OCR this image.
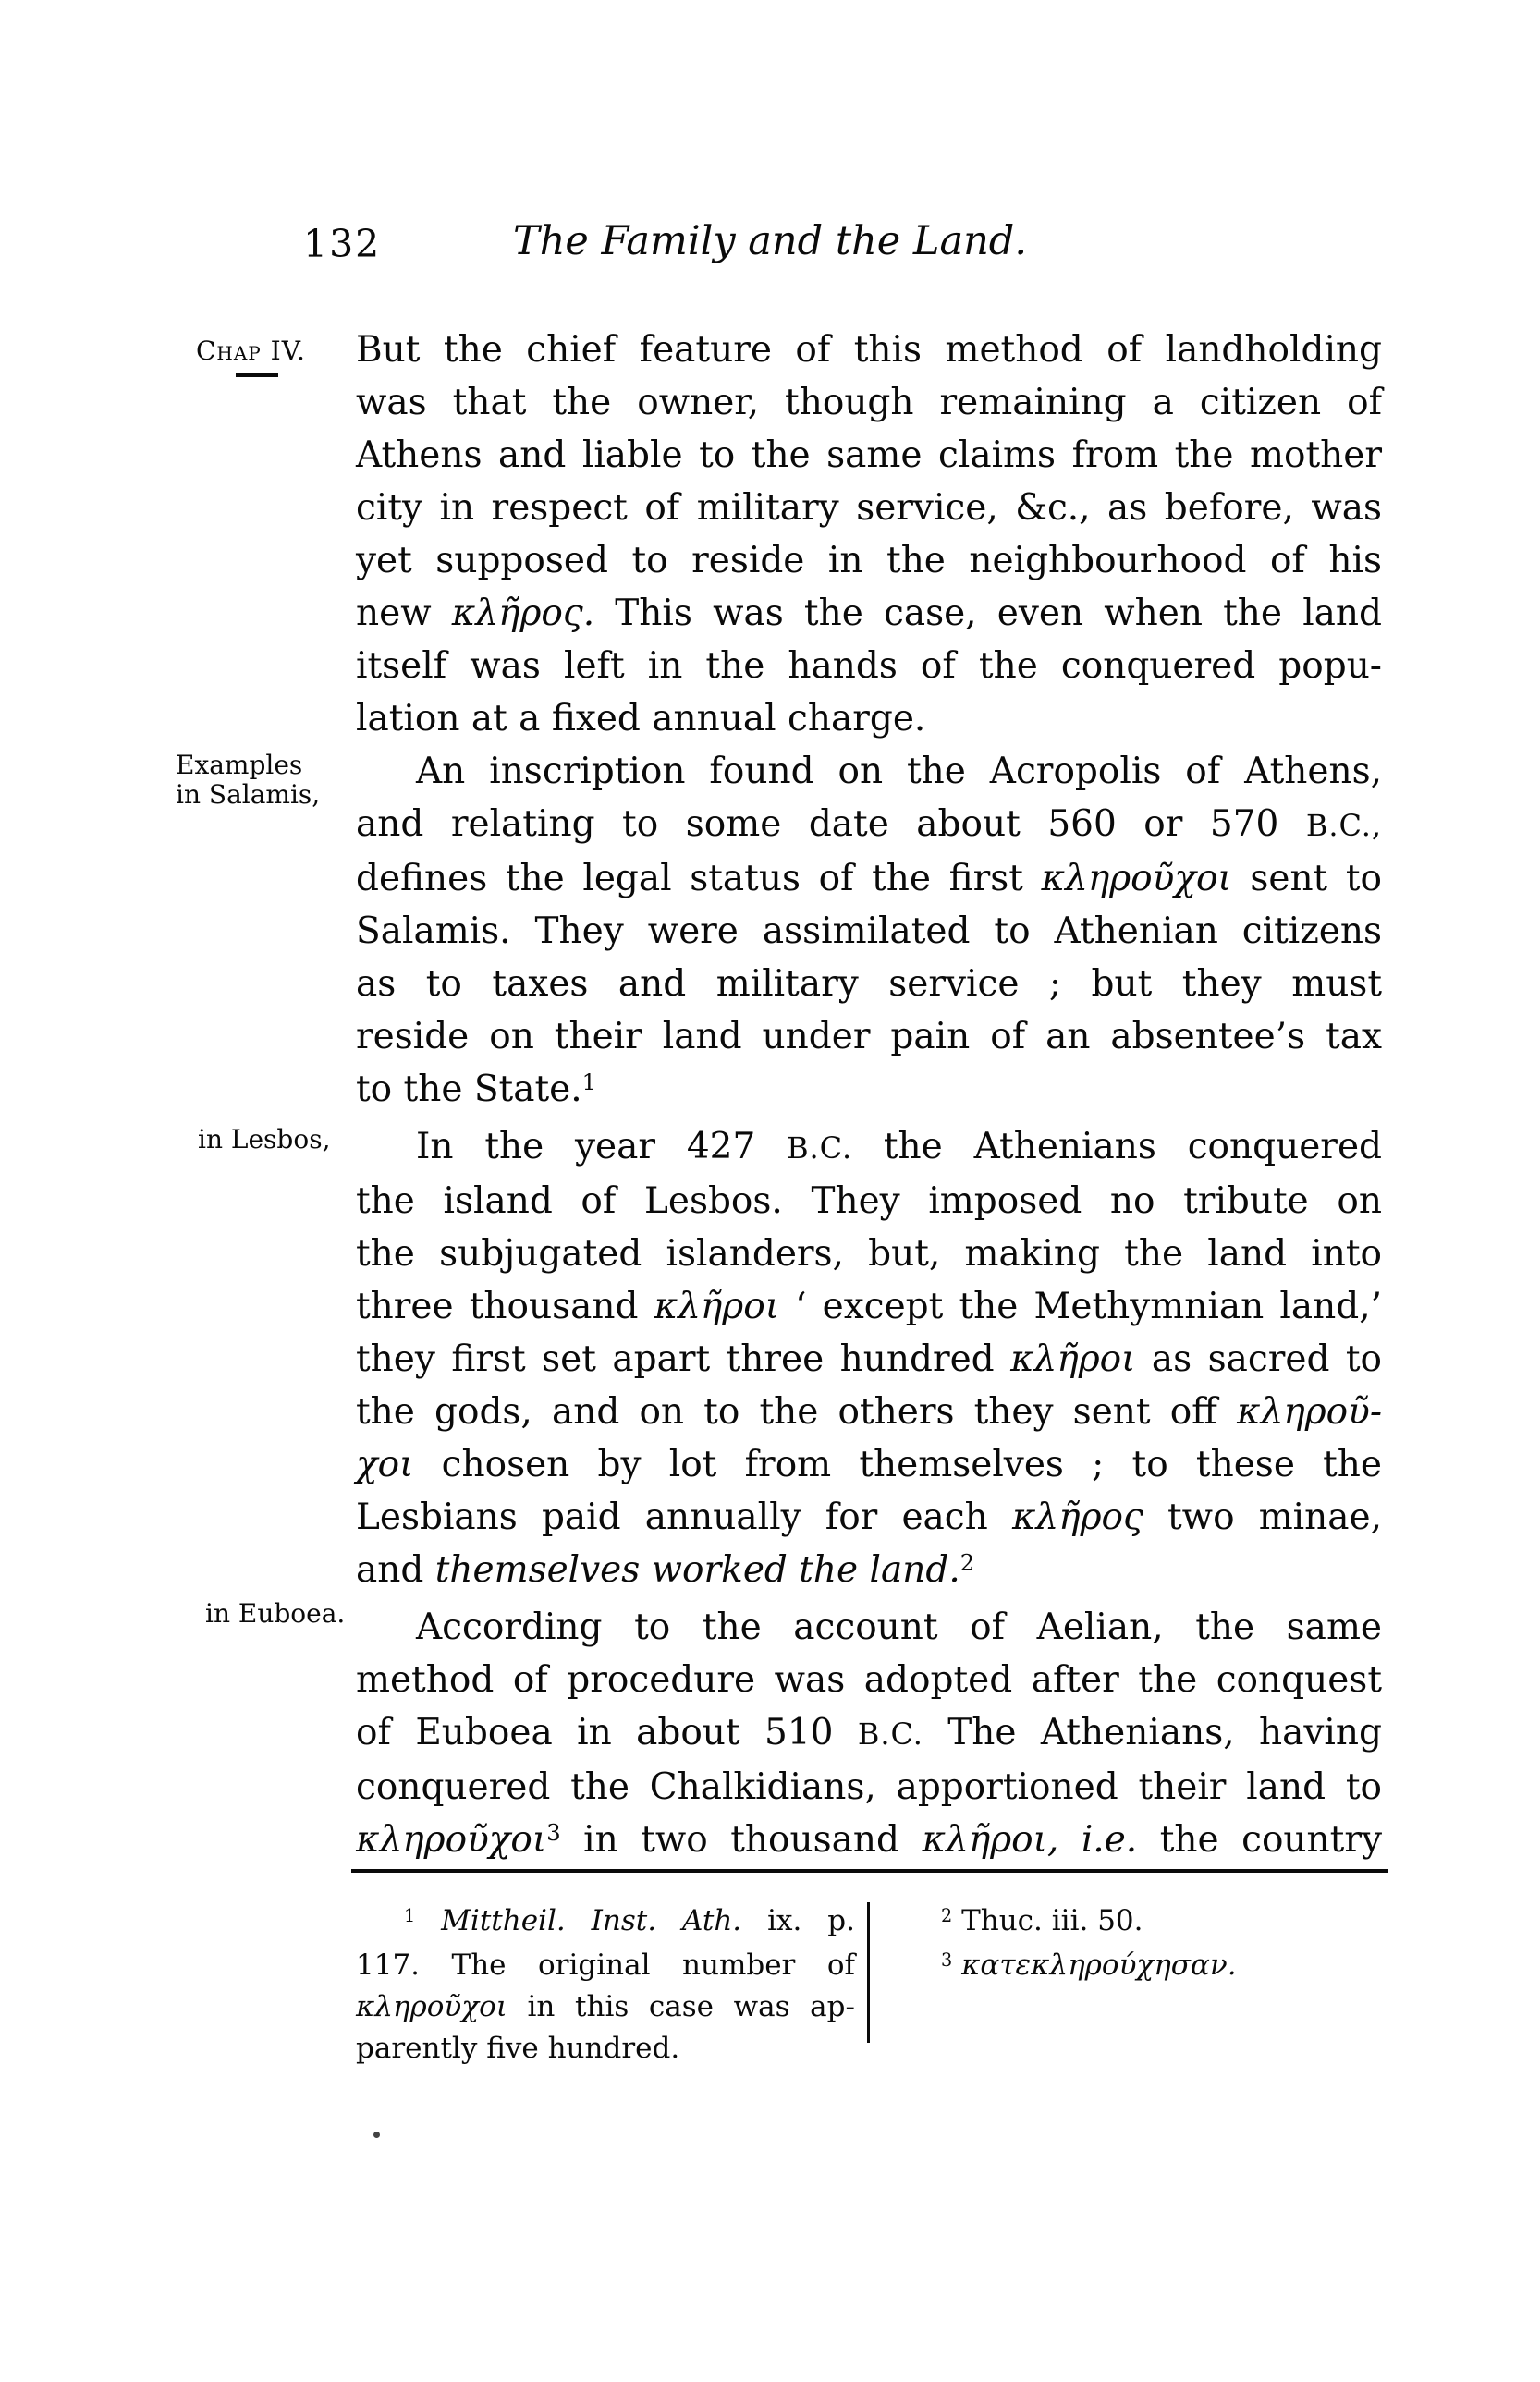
132	The Family and the Land.
Chap IV.
Examples
in Salamis,
in Lesbos,
in Euboea.
But the chief feature of this method of landholding
was that the owner, though remaining a citizen of
Athens and liable to the same claims from the mother
city in respect of military service, &c., as before, was
yet supposed to reside in the neighbourhood of his
new κλῆρος. This was the case, even when the land
itself was left in the hands of the conquered popu-
lation at a fixed annual charge.
An inscription found on the Acropolis of Athens,
and relating to some date about 560 or 570 B.C.,
defines the legal status of the first κληροῦχοι sent to
Salamis. They were assimilated to Athenian citizens
as to taxes and military service ; but they must
reside on their land under pain of an absentee’s tax
to the State.$^1$
In the year 427 B.C. the Athenians conquered
the island of Lesbos. They imposed no tribute on
the subjugated islanders, but, making the land into
three thousand κλῆροι ‘ except the Methymnian land,’
they first set apart three hundred κλῆροι as sacred to
the gods, and on to the others they sent off κληροῦ-
χοι chosen by lot from themselves ; to these the
Lesbians paid annually for each κλῆρος two minae,
and themselves worked the land.$^2$
According to the account of Aelian, the same
method of procedure was adopted after the conquest
of Euboea in about 510 B.C. The Athenians, having
conquered the Chalkidians, apportioned their land to
κληροῦχοι$^3$ in two thousand κλῆροι, i.e. the country
$^1$ Mittheil. Inst. Ath. ix. p.
117. The original number of
κληροῦχοι in this case was ap-
parently five hundred.
$^2$ Thuc. iii. 50.
$^3$ κατεκληρούχησαν.
